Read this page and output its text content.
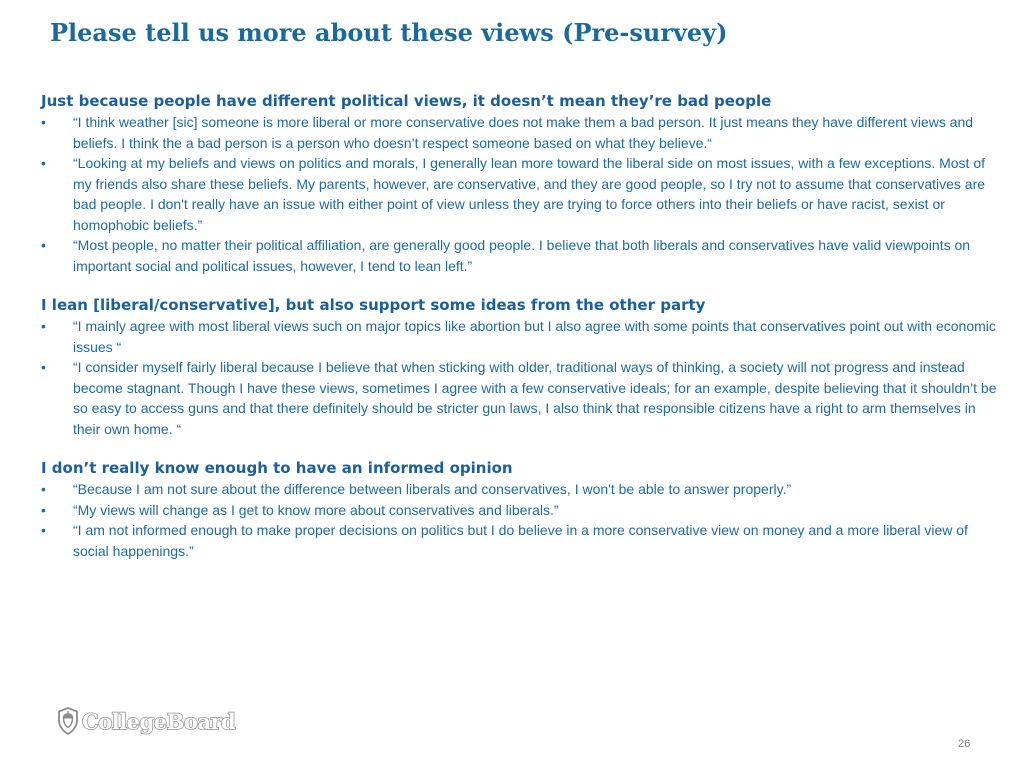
Please tell us more about these views (Pre-survey)
Just because people have different political views, it doesn’t mean they’re bad people
• “I think weather [sic] someone is more liberal or more conservative does not make them a bad person. It just means they have different views and beliefs. I think the a bad person is a person who doesn’t respect someone based on what they believe.“
• “Looking at my beliefs and views on politics and morals, I generally lean more toward the liberal side on most issues, with a few exceptions. Most of my friends also share these beliefs. My parents, however, are conservative, and they are good people, so I try not to assume that conservatives are bad people. I don't really have an issue with either point of view unless they are trying to force others into their beliefs or have racist, sexist or homophobic beliefs.”
• “Most people, no matter their political affiliation, are generally good people. I believe that both liberals and conservatives have valid viewpoints on important social and political issues, however, I tend to lean left.”
I lean [liberal/conservative], but also support some ideas from the other party
• “I mainly agree with most liberal views such on major topics like abortion but I also agree with some points that conservatives point out with economic issues “
• “I consider myself fairly liberal because I believe that when sticking with older, traditional ways of thinking, a society will not progress and instead become stagnant. Though I have these views, sometimes I agree with a few conservative ideals; for an example, despite believing that it shouldn’t be so easy to access guns and that there definitely should be stricter gun laws, I also think that responsible citizens have a right to arm themselves in their own home. “
I don’t really know enough to have an informed opinion
• “Because I am not sure about the difference between liberals and conservatives, I won't be able to answer properly.”
• “My views will change as I get to know more about conservatives and liberals.”
• “I am not informed enough to make proper decisions on politics but I do believe in a more conservative view on money and a more liberal view of social happenings.”
CollegeBoard
26
